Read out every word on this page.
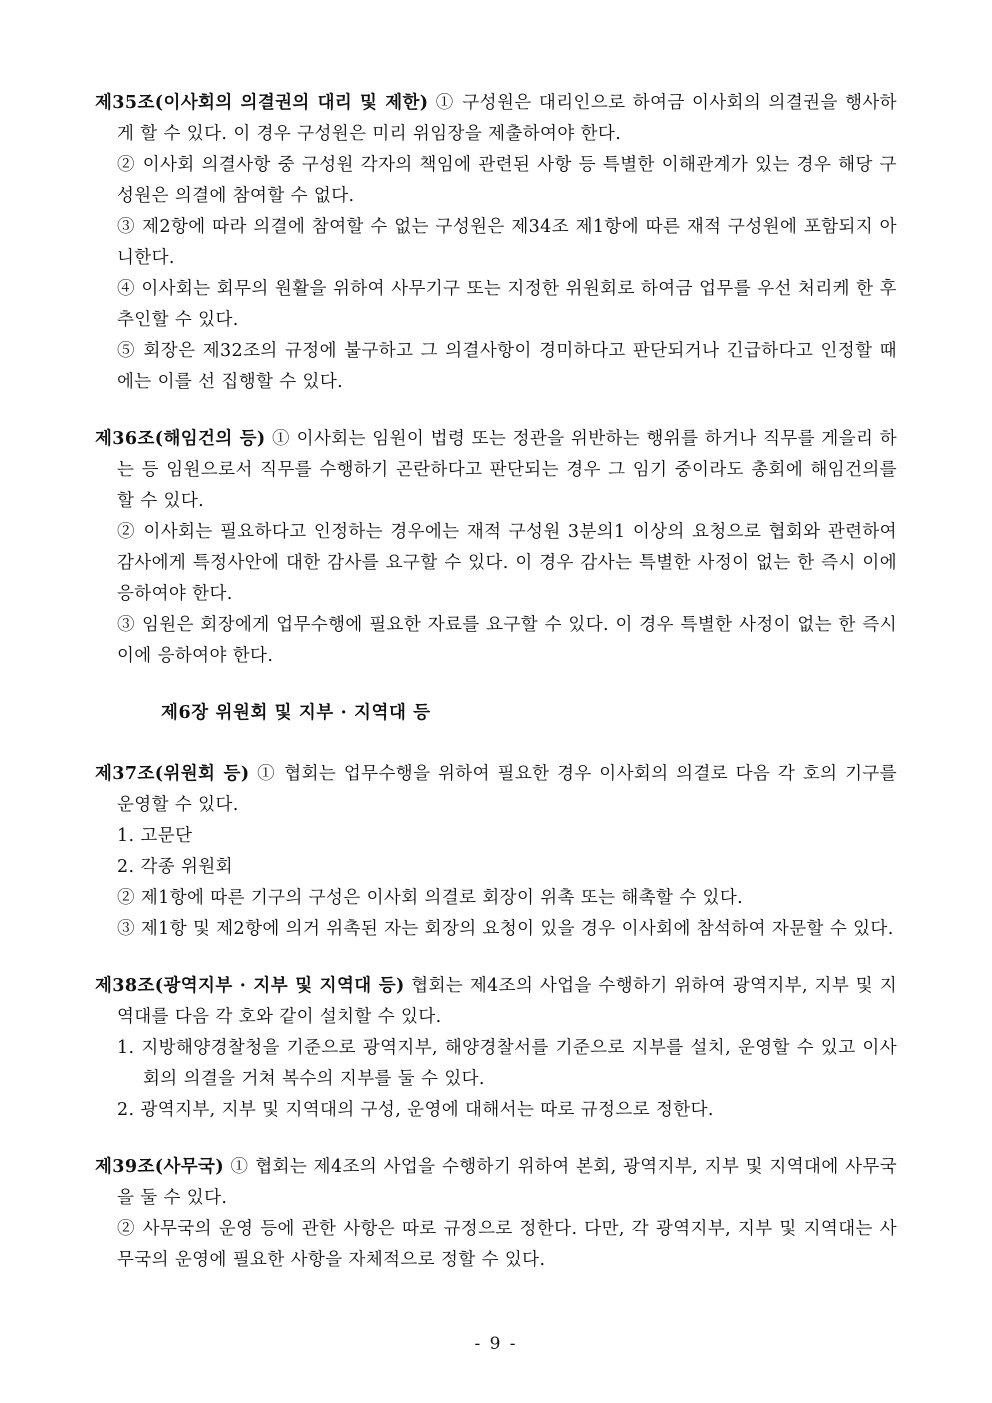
제35조(이사회의 의결권의 대리 및 제한) ① 구성원은 대리인으로 하여금 이사회의 의결권을 행사하게 할 수 있다. 이 경우 구성원은 미리 위임장을 제출하여야 한다.

② 이사회 의결사항 중 구성원 각자의 책임에 관련된 사항 등 특별한 이해관계가 있는 경우 해당 구성원은 의결에 참여할 수 없다.

③ 제2항에 따라 의결에 참여할 수 없는 구성원은 제34조 제1항에 따른 재적 구성원에 포함되지 아니한다.

④ 이사회는 회무의 원활을 위하여 사무기구 또는 지정한 위원회로 하여금 업무를 우선 처리케 한 후 추인할 수 있다.

⑤ 회장은 제32조의 규정에 불구하고 그 의결사항이 경미하다고 판단되거나 긴급하다고 인정할 때에는 이를 선 집행할 수 있다.

제36조(해임건의 등) ① 이사회는 임원이 법령 또는 정관을 위반하는 행위를 하거나 직무를 게을리 하는 등 임원으로서 직무를 수행하기 곤란하다고 판단되는 경우 그 임기 중이라도 총회에 해임건의를 할 수 있다.

② 이사회는 필요하다고 인정하는 경우에는 재적 구성원 3분의1 이상의 요청으로 협회와 관련하여 감사에게 특정사안에 대한 감사를 요구할 수 있다. 이 경우 감사는 특별한 사정이 없는 한 즉시 이에 응하여야 한다.

③ 임원은 회장에게 업무수행에 필요한 자료를 요구할 수 있다. 이 경우 특별한 사정이 없는 한 즉시 이에 응하여야 한다.

제6장 위원회 및 지부 · 지역대 등

제37조(위원회 등) ① 협회는 업무수행을 위하여 필요한 경우 이사회의 의결로 다음 각 호의 기구를 운영할 수 있다.

1. 고문단

2. 각종 위원회

② 제1항에 따른 기구의 구성은 이사회 의결로 회장이 위촉 또는 해촉할 수 있다.

③ 제1항 및 제2항에 의거 위촉된 자는 회장의 요청이 있을 경우 이사회에 참석하여 자문할 수 있다.

제38조(광역지부 · 지부 및 지역대 등) 협회는 제4조의 사업을 수행하기 위하여 광역지부, 지부 및 지역대를 다음 각 호와 같이 설치할 수 있다.

1. 지방해양경찰청을 기준으로 광역지부, 해양경찰서를 기준으로 지부를 설치, 운영할 수 있고 이사회의 의결을 거쳐 복수의 지부를 둘 수 있다.

2. 광역지부, 지부 및 지역대의 구성, 운영에 대해서는 따로 규정으로 정한다.

제39조(사무국) ① 협회는 제4조의 사업을 수행하기 위하여 본회, 광역지부, 지부 및 지역대에 사무국을 둘 수 있다.

② 사무국의 운영 등에 관한 사항은 따로 규정으로 정한다. 다만, 각 광역지부, 지부 및 지역대는 사무국의 운영에 필요한 사항을 자체적으로 정할 수 있다.

- 9 -
